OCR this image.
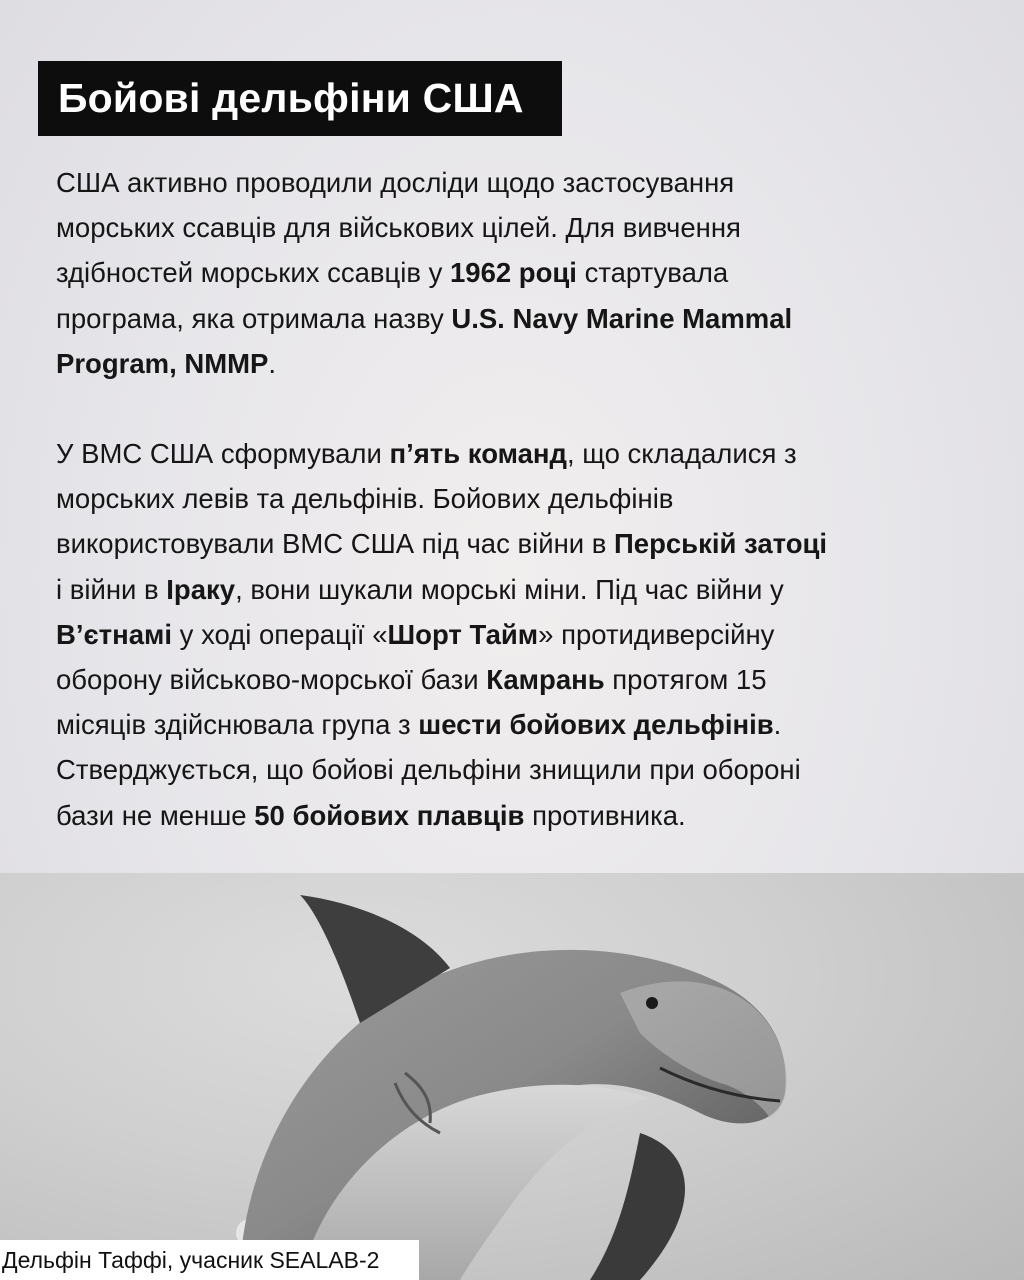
Бойові дельфіни США

США активно проводили досліди щодо застосування

морських ссавців для військових цілей. Для вивчення

здібностей морських ссавців у 1962 році стартувала

програма, яка отримала назву U.S. Navy Marine Mammal

Program, NMMP.

У ВМС США сформували п’ять команд, що складалися з

морських левів та дельфінів. Бойових дельфінів

використовували ВМС США під час війни в Перській затоці

і війни в Іраку, вони шукали морські міни. Під час війни у

В’єтнамі у ході операції «Шорт Тайм» протидиверсійну

оборону військово-морської бази Камрань протягом 15

місяців здійснювала група з шести бойових дельфінів.

Стверджується, що бойові дельфіни знищили при обороні

бази не менше 50 бойових плавців противника.

Дельфін Таффі, учасник SEALAB-2
